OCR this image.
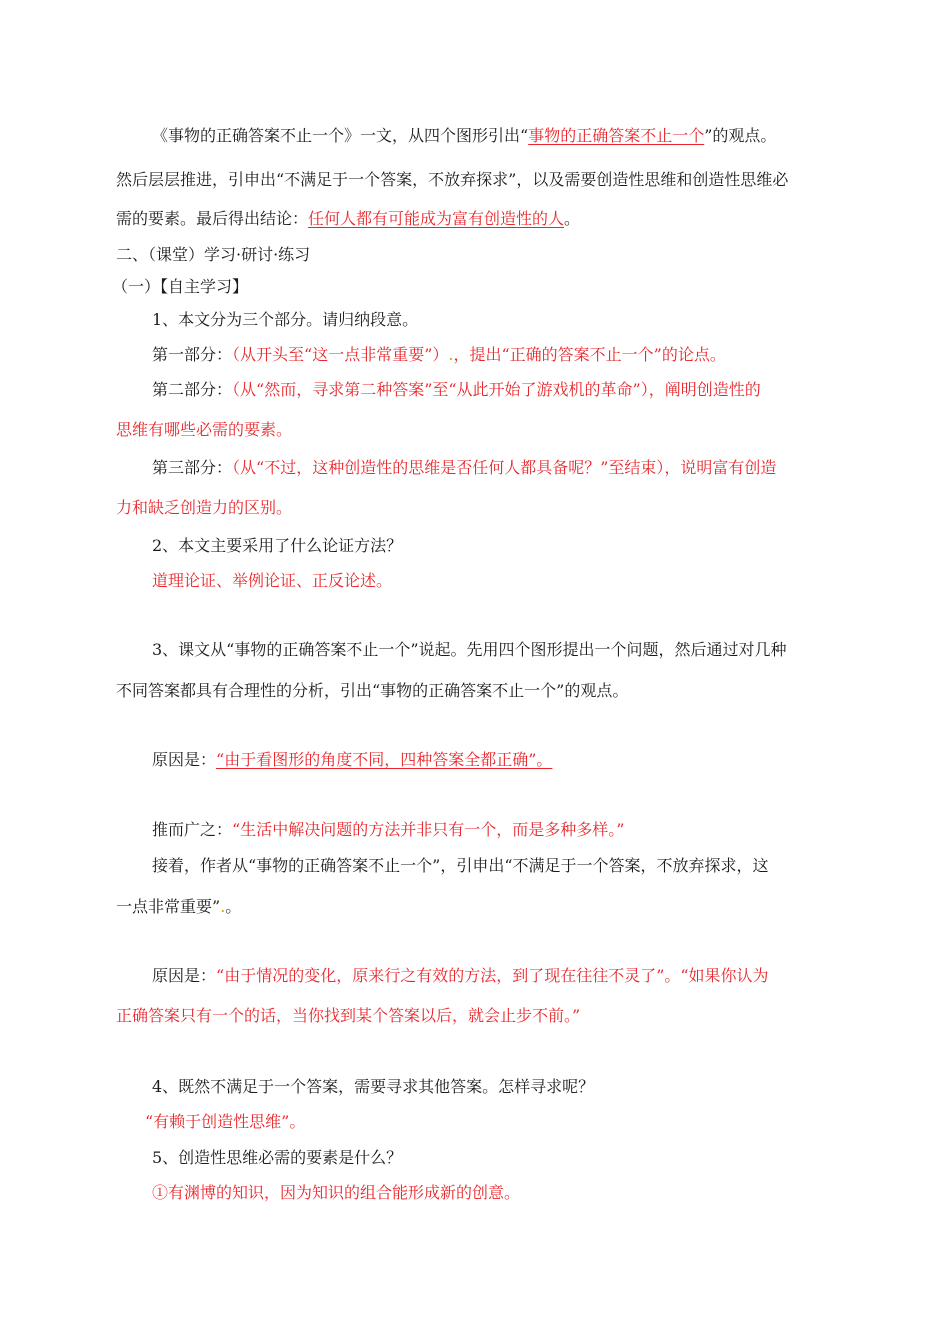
《事物的正确答案不止一个》一文，从四个图形引出“事物的正确答案不止一个”的观点。
然后层层推进，引申出“不满足于一个答案，不放弃探求”，以及需要创造性思维和创造性思维必
需的要素。最后得出结论：任何人都有可能成为富有创造性的人。
二、（课堂）学习·研讨·练习
（一）【自主学习】
1、本文分为三个部分。请归纳段意。
第一部分：（从开头至“这一点非常重要”）.，提出“正确的答案不止一个”的论点。
第二部分：（从“然而，寻求第二种答案”至“从此开始了游戏机的革命”），阐明创造性的
思维有哪些必需的要素。
第三部分：（从“不过，这种创造性的思维是否任何人都具备呢？”至结束），说明富有创造
力和缺乏创造力的区别。
2、本文主要采用了什么论证方法？
道理论证、举例论证、正反论述。
3、课文从“事物的正确答案不止一个”说起。先用四个图形提出一个问题，然后通过对几种
不同答案都具有合理性的分析，引出“事物的正确答案不止一个”的观点。
原因是：“由于看图形的角度不同，四种答案全都正确”。
推而广之：“生活中解决问题的方法并非只有一个，而是多种多样。”
接着，作者从“事物的正确答案不止一个”，引申出“不满足于一个答案，不放弃探求，这
一点非常重要”.。
原因是：“由于情况的变化，原来行之有效的方法，到了现在往往不灵了”。“如果你认为
正确答案只有一个的话，当你找到某个答案以后，就会止步不前。”
4、既然不满足于一个答案，需要寻求其他答案。怎样寻求呢？
“有赖于创造性思维”。
5、创造性思维必需的要素是什么？
①有渊博的知识，因为知识的组合能形成新的创意。
